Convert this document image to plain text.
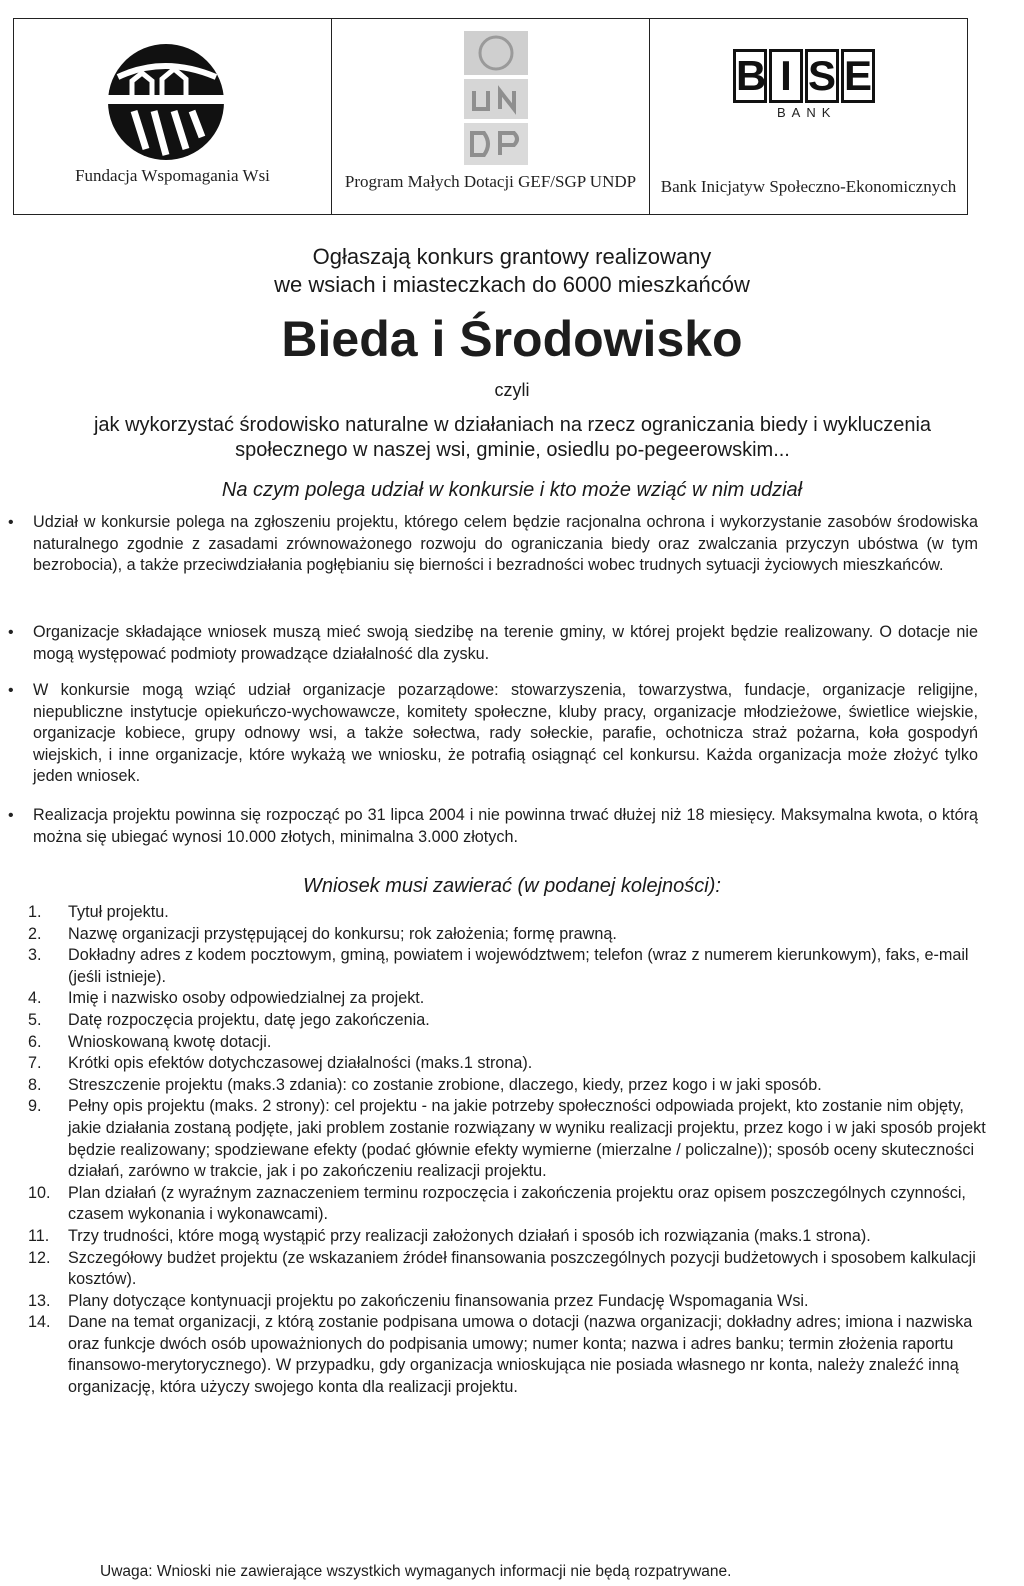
Fundacja Wspomagania Wsi	Program Małych Dotacji GEF/SGP UNDP
B I S E
BANK
Bank Inicjatyw Społeczno-Ekonomicznych
Ogłaszają konkurs grantowy realizowany
we wsiach i miasteczkach do 6000 mieszkańców
Bieda i Środowisko
czyli
jak wykorzystać środowisko naturalne w działaniach na rzecz ograniczania biedy i wykluczenia społecznego w naszej wsi, gminie, osiedlu po-pegeerowskim...
Na czym polega udział w konkursie i kto może wziąć w nim udział
• Udział w konkursie polega na zgłoszeniu projektu, którego celem będzie racjonalna ochrona i wykorzystanie zasobów środowiska naturalnego zgodnie z zasadami zrównoważonego rozwoju do ograniczania biedy oraz zwalczania przyczyn ubóstwa (w tym bezrobocia), a także przeciwdziałania pogłębianiu się bierności i bezradności wobec trudnych sytuacji życiowych mieszkańców.
• Organizacje składające wniosek muszą mieć swoją siedzibę na terenie gminy, w której projekt będzie realizowany. O dotacje nie mogą występować podmioty prowadzące działalność dla zysku.
• W konkursie mogą wziąć udział organizacje pozarządowe: stowarzyszenia, towarzystwa, fundacje, organizacje religijne, niepubliczne instytucje opiekuńczo-wychowawcze, komitety społeczne, kluby pracy, organizacje młodzieżowe, świetlice wiejskie, organizacje kobiece, grupy odnowy wsi, a także sołectwa, rady sołeckie, parafie, ochotnicza straż pożarna, koła gospodyń wiejskich, i inne organizacje, które wykażą we wniosku, że potrafią osiągnąć cel konkursu. Każda organizacja może złożyć tylko jeden wniosek.
• Realizacja projektu powinna się rozpocząć po 31 lipca 2004 i nie powinna trwać dłużej niż 18 miesięcy. Maksymalna kwota, o którą można się ubiegać wynosi 10.000 złotych, minimalna 3.000 złotych.
Wniosek musi zawierać (w podanej kolejności):
1.	Tytuł projektu.
2.	Nazwę organizacji przystępującej do konkursu; rok założenia; formę prawną.
3.	Dokładny adres z kodem pocztowym, gminą, powiatem i województwem; telefon (wraz z numerem kierunkowym), faks, e-mail (jeśli istnieje).
4.	Imię i nazwisko osoby odpowiedzialnej za projekt.
5.	Datę rozpoczęcia projektu, datę jego zakończenia.
6.	Wnioskowaną kwotę dotacji.
7.	Krótki opis efektów dotychczasowej działalności (maks.1 strona).
8.	Streszczenie projektu (maks.3 zdania): co zostanie zrobione, dlaczego, kiedy, przez kogo i w jaki sposób.
9.	Pełny opis projektu (maks. 2 strony): cel projektu - na jakie potrzeby społeczności odpowiada projekt, kto zostanie nim objęty, jakie działania zostaną podjęte, jaki problem zostanie rozwiązany w wyniku realizacji projektu, przez kogo i w jaki sposób projekt będzie realizowany; spodziewane efekty (podać głównie efekty wymierne (mierzalne / policzalne)); sposób oceny skuteczności działań, zarówno w trakcie, jak i po zakończeniu realizacji projektu.
10.	Plan działań (z wyraźnym zaznaczeniem terminu rozpoczęcia i zakończenia projektu oraz opisem poszczególnych czynności, czasem wykonania i wykonawcami).
11.	Trzy trudności, które mogą wystąpić przy realizacji założonych działań i sposób ich rozwiązania (maks.1 strona).
12.	Szczegółowy budżet projektu (ze wskazaniem źródeł finansowania poszczególnych pozycji budżetowych i sposobem kalkulacji kosztów).
13.	Plany dotyczące kontynuacji projektu po zakończeniu finansowania przez Fundację Wspomagania Wsi.
14.	Dane na temat organizacji, z którą zostanie podpisana umowa o dotacji (nazwa organizacji; dokładny adres; imiona i nazwiska oraz funkcje dwóch osób upoważnionych do podpisania umowy; numer konta; nazwa i adres banku; termin złożenia raportu finansowo-merytorycznego). W przypadku, gdy organizacja wnioskująca nie posiada własnego nr konta, należy znaleźć inną organizację, która użyczy swojego konta dla realizacji projektu.
Uwaga: Wnioski nie zawierające wszystkich wymaganych informacji nie będą rozpatrywane.
